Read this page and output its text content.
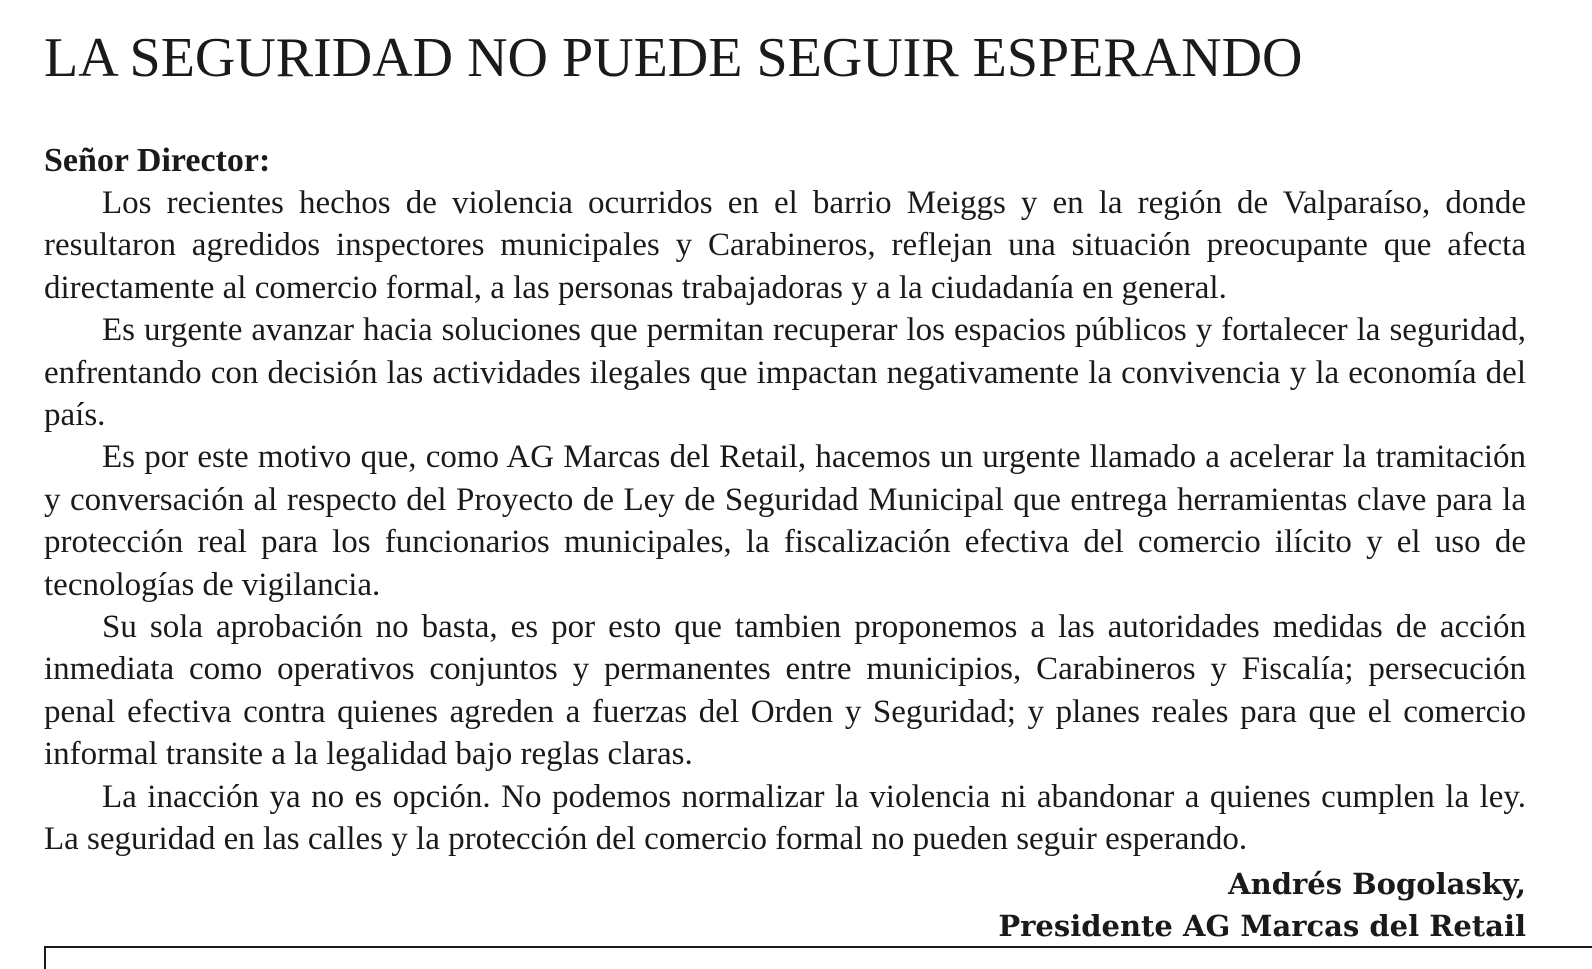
LA SEGURIDAD NO PUEDE SEGUIR ESPERANDO
Señor Director:

Los recientes hechos de violencia ocurridos en el barrio Meiggs y en la región de Valparaíso, donde resultaron agredidos inspectores municipales y Carabineros, reflejan una situación preocupante que afecta directamente al comercio formal, a las personas trabajadoras y a la ciudadanía en general.

Es urgente avanzar hacia soluciones que permitan recuperar los espacios públicos y fortalecer la seguridad, enfrentando con decisión las actividades ilegales que impactan negativamente la convivencia y la economía del país.

Es por este motivo que, como AG Marcas del Retail, hacemos un urgente llamado a acelerar la tramitación y conversación al respecto del Proyecto de Ley de Seguridad Municipal que entrega herramientas clave para la protección real para los funcionarios municipales, la fiscalización efectiva del comercio ilícito y el uso de tecnologías de vigilancia.

Su sola aprobación no basta, es por esto que tambien proponemos a las autoridades medidas de acción inmediata como operativos conjuntos y permanentes entre municipios, Carabineros y Fiscalía; persecución penal efectiva contra quienes agreden a fuerzas del Orden y Seguridad; y planes reales para que el comercio informal transite a la legalidad bajo reglas claras.

La inacción ya no es opción. No podemos normalizar la violencia ni abandonar a quienes cumplen la ley. La seguridad en las calles y la protección del comercio formal no pueden seguir esperando.

Andrés Bogolasky,
Presidente AG Marcas del Retail
